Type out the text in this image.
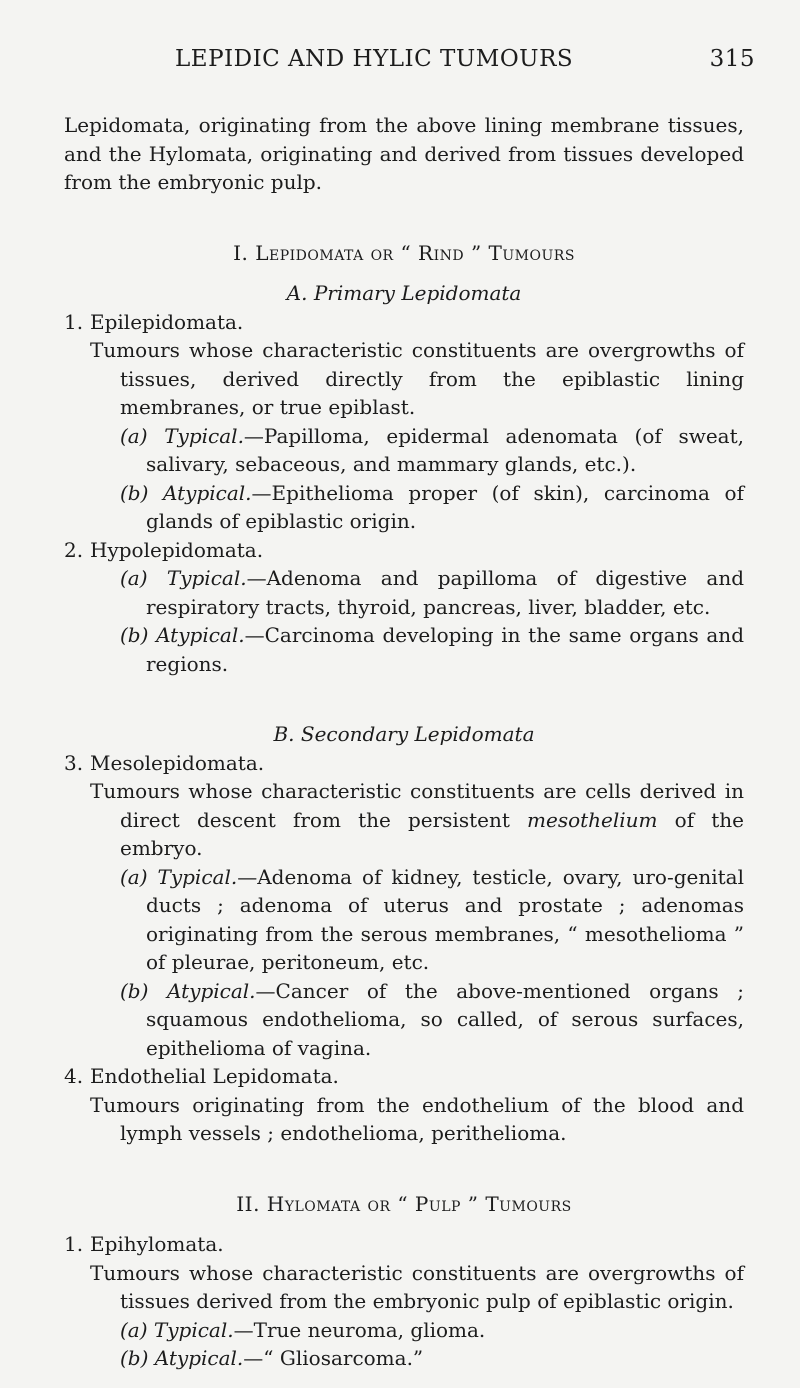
LEPIDIC AND HYLIC TUMOURS	315

Lepidomata, originating from the above lining membrane tissues, and the Hylomata, originating and derived from tissues developed from the embryonic pulp.

I. Lepidomata or “ Rind ” Tumours

A. Primary Lepidomata

1. Epilepidomata.

Tumours whose characteristic constituents are overgrowths of tissues, derived directly from the epiblastic lining membranes, or true epiblast.

(a) Typical.—Papilloma, epidermal adenomata (of sweat, salivary, sebaceous, and mammary glands, etc.).

(b) Atypical.—Epithelioma proper (of skin), carcinoma of glands of epiblastic origin.

2. Hypolepidomata.

(a) Typical.—Adenoma and papilloma of digestive and respiratory tracts, thyroid, pancreas, liver, bladder, etc.

(b) Atypical.—Carcinoma developing in the same organs and regions.

B. Secondary Lepidomata

3. Mesolepidomata.

Tumours whose characteristic constituents are cells derived in direct descent from the persistent mesothelium of the embryo.

(a) Typical.—Adenoma of kidney, testicle, ovary, uro-genital ducts ; adenoma of uterus and prostate ; adenomas originating from the serous membranes, “ mesothelioma ” of pleurae, peritoneum, etc.

(b) Atypical.—Cancer of the above-mentioned organs ; squamous endothelioma, so called, of serous surfaces, epithelioma of vagina.

4. Endothelial Lepidomata.

Tumours originating from the endothelium of the blood and lymph vessels ; endothelioma, perithelioma.

II. Hylomata or “ Pulp ” Tumours

1. Epihylomata.

Tumours whose characteristic constituents are overgrowths of tissues derived from the embryonic pulp of epiblastic origin.

(a) Typical.—True neuroma, glioma.

(b) Atypical.—“ Gliosarcoma.”
